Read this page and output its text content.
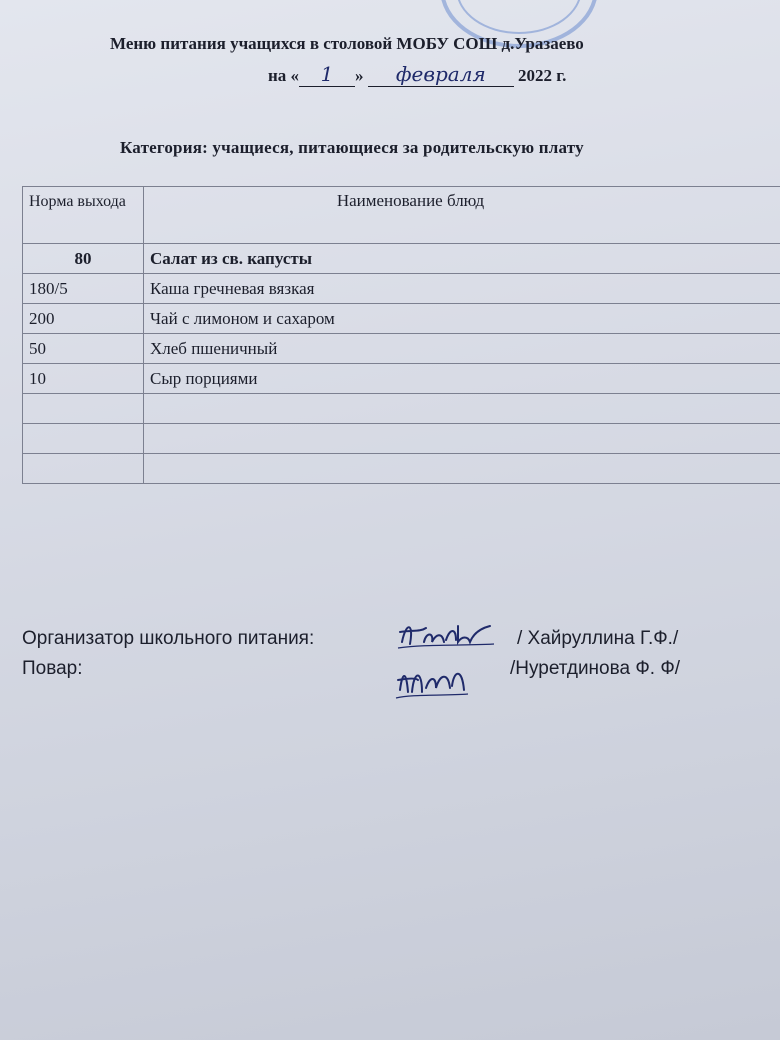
Меню питания учащихся в столовой МОБУ СОШ д.Уразаево
на « 1 » февраля 2022 г.
Категория: учащиеся, питающиеся за родительскую плату
Норма выхода	Наименование блюд
80	Салат из св. капусты
180/5	Каша гречневая вязкая
200	Чай с лимоном и сахаром
50	Хлеб пшеничный
10	Сыр порциями

Организатор школьного питания:	/ Хайруллина Г.Ф./
Повар:	/Нуретдинова Ф. Ф/
